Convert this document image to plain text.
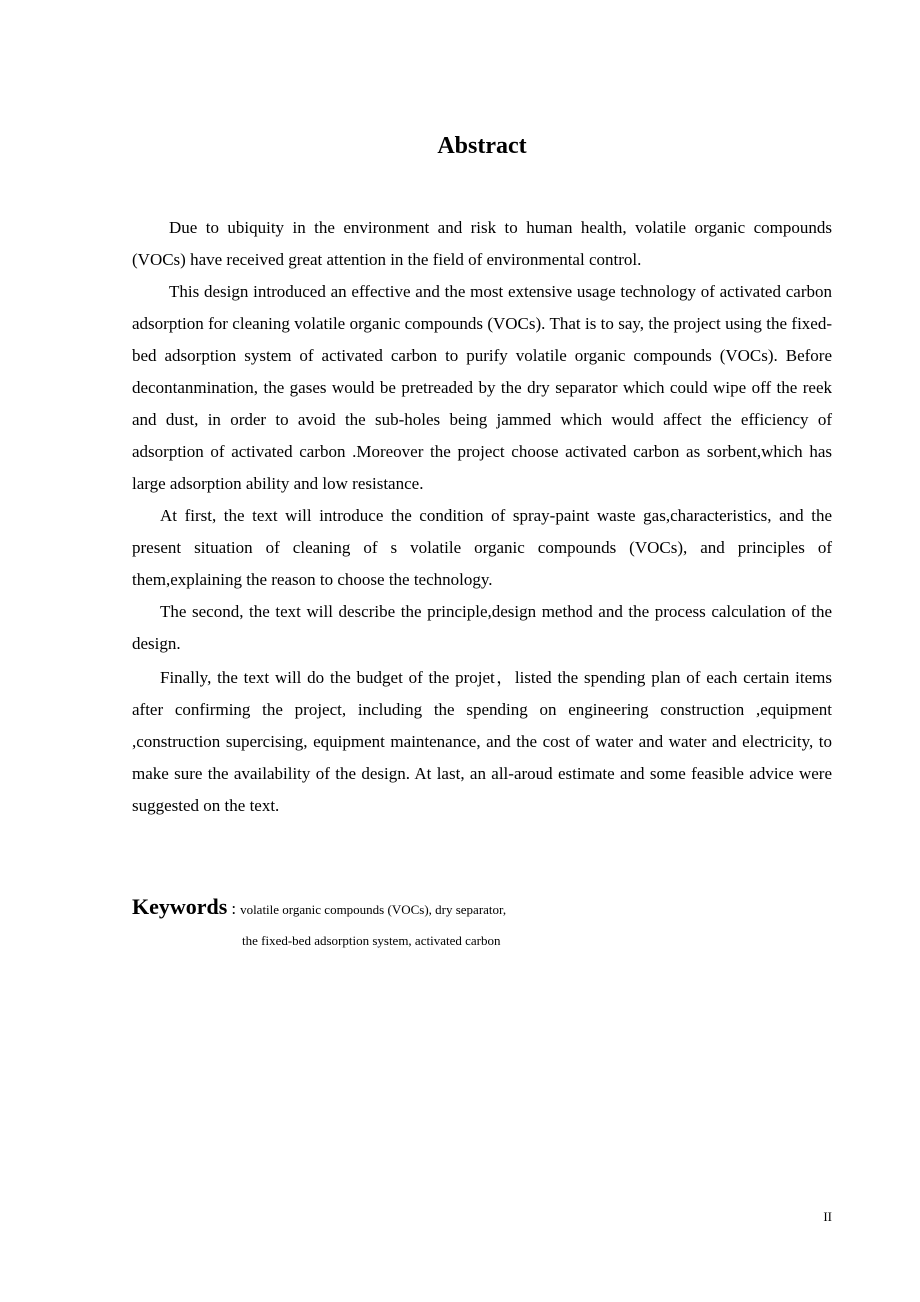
Abstract

Due to ubiquity in the environment and risk to human health, volatile organic compounds (VOCs) have received great attention in the field of environmental control.

This design introduced an effective and the most extensive usage technology of activated carbon adsorption for cleaning volatile organic compounds (VOCs). That is to say, the project using the fixed-bed adsorption system of activated carbon to purify volatile organic compounds (VOCs). Before decontanmination, the gases would be pretreaded by the dry separator which could wipe off the reek and dust, in order to avoid the sub-holes being jammed which would affect the efficiency of adsorption of activated carbon .Moreover the project choose activated carbon as sorbent,which has large adsorption ability and low resistance.

At first, the text will introduce the condition of spray-paint waste gas,characteristics, and the present situation of cleaning of s volatile organic compounds (VOCs), and principles of them,explaining the reason to choose the technology.

The second, the text will describe the principle,design method and the process calculation of the design.

Finally, the text will do the budget of the projet，listed the spending plan of each certain items after confirming the project, including the spending on engineering construction ,equipment ,construction supercising, equipment maintenance, and the cost of water and water and electricity, to make sure the availability of the design. At last, an all-aroud estimate and some feasible advice were suggested on the text.

Keywords : volatile organic compounds (VOCs), dry separator,
the fixed-bed adsorption system, activated carbon
II
